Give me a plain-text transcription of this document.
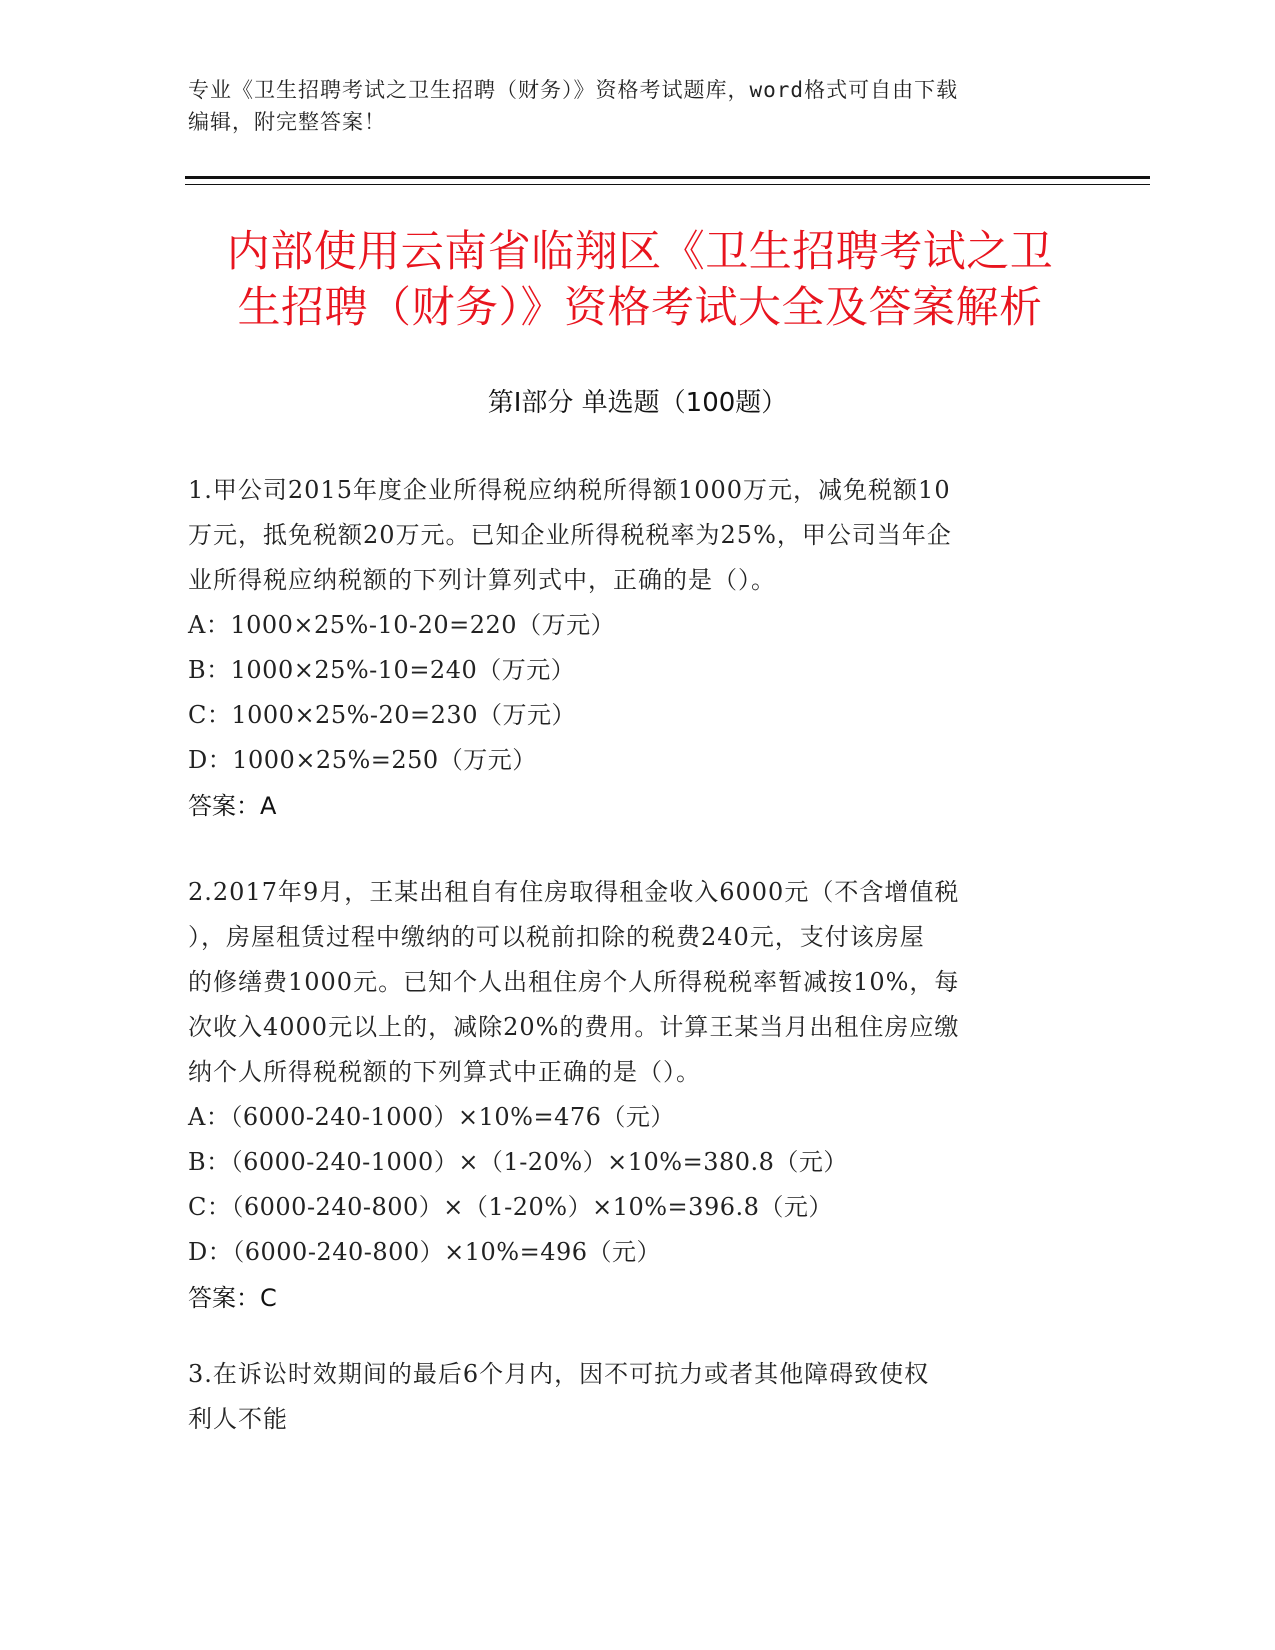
专业《卫生招聘考试之卫生招聘（财务）》资格考试题库，word格式可自由下载
编辑，附完整答案！
内部使用云南省临翔区《卫生招聘考试之卫
生招聘（财务）》资格考试大全及答案解析
第Ⅰ部分 单选题（100题）
1.甲公司2015年度企业所得税应纳税所得额1000万元，减免税额10
万元，抵免税额20万元。已知企业所得税税率为25%，甲公司当年企
业所得税应纳税额的下列计算列式中，正确的是（）。
A：1000×25%-10-20=220（万元）
B：1000×25%-10=240（万元）
C：1000×25%-20=230（万元）
D：1000×25%=250（万元）
答案：A
2.2017年9月，王某出租自有住房取得租金收入6000元（不含增值税
），房屋租赁过程中缴纳的可以税前扣除的税费240元，支付该房屋
的修缮费1000元。已知个人出租住房个人所得税税率暂减按10%，每
次收入4000元以上的，减除20%的费用。计算王某当月出租住房应缴
纳个人所得税税额的下列算式中正确的是（）。
A：（6000-240-1000）×10%=476（元）
B：（6000-240-1000）×（1-20%）×10%=380.8（元）
C：（6000-240-800）×（1-20%）×10%=396.8（元）
D：（6000-240-800）×10%=496（元）
答案：C
3.在诉讼时效期间的最后6个月内，因不可抗力或者其他障碍致使权
利人不能
